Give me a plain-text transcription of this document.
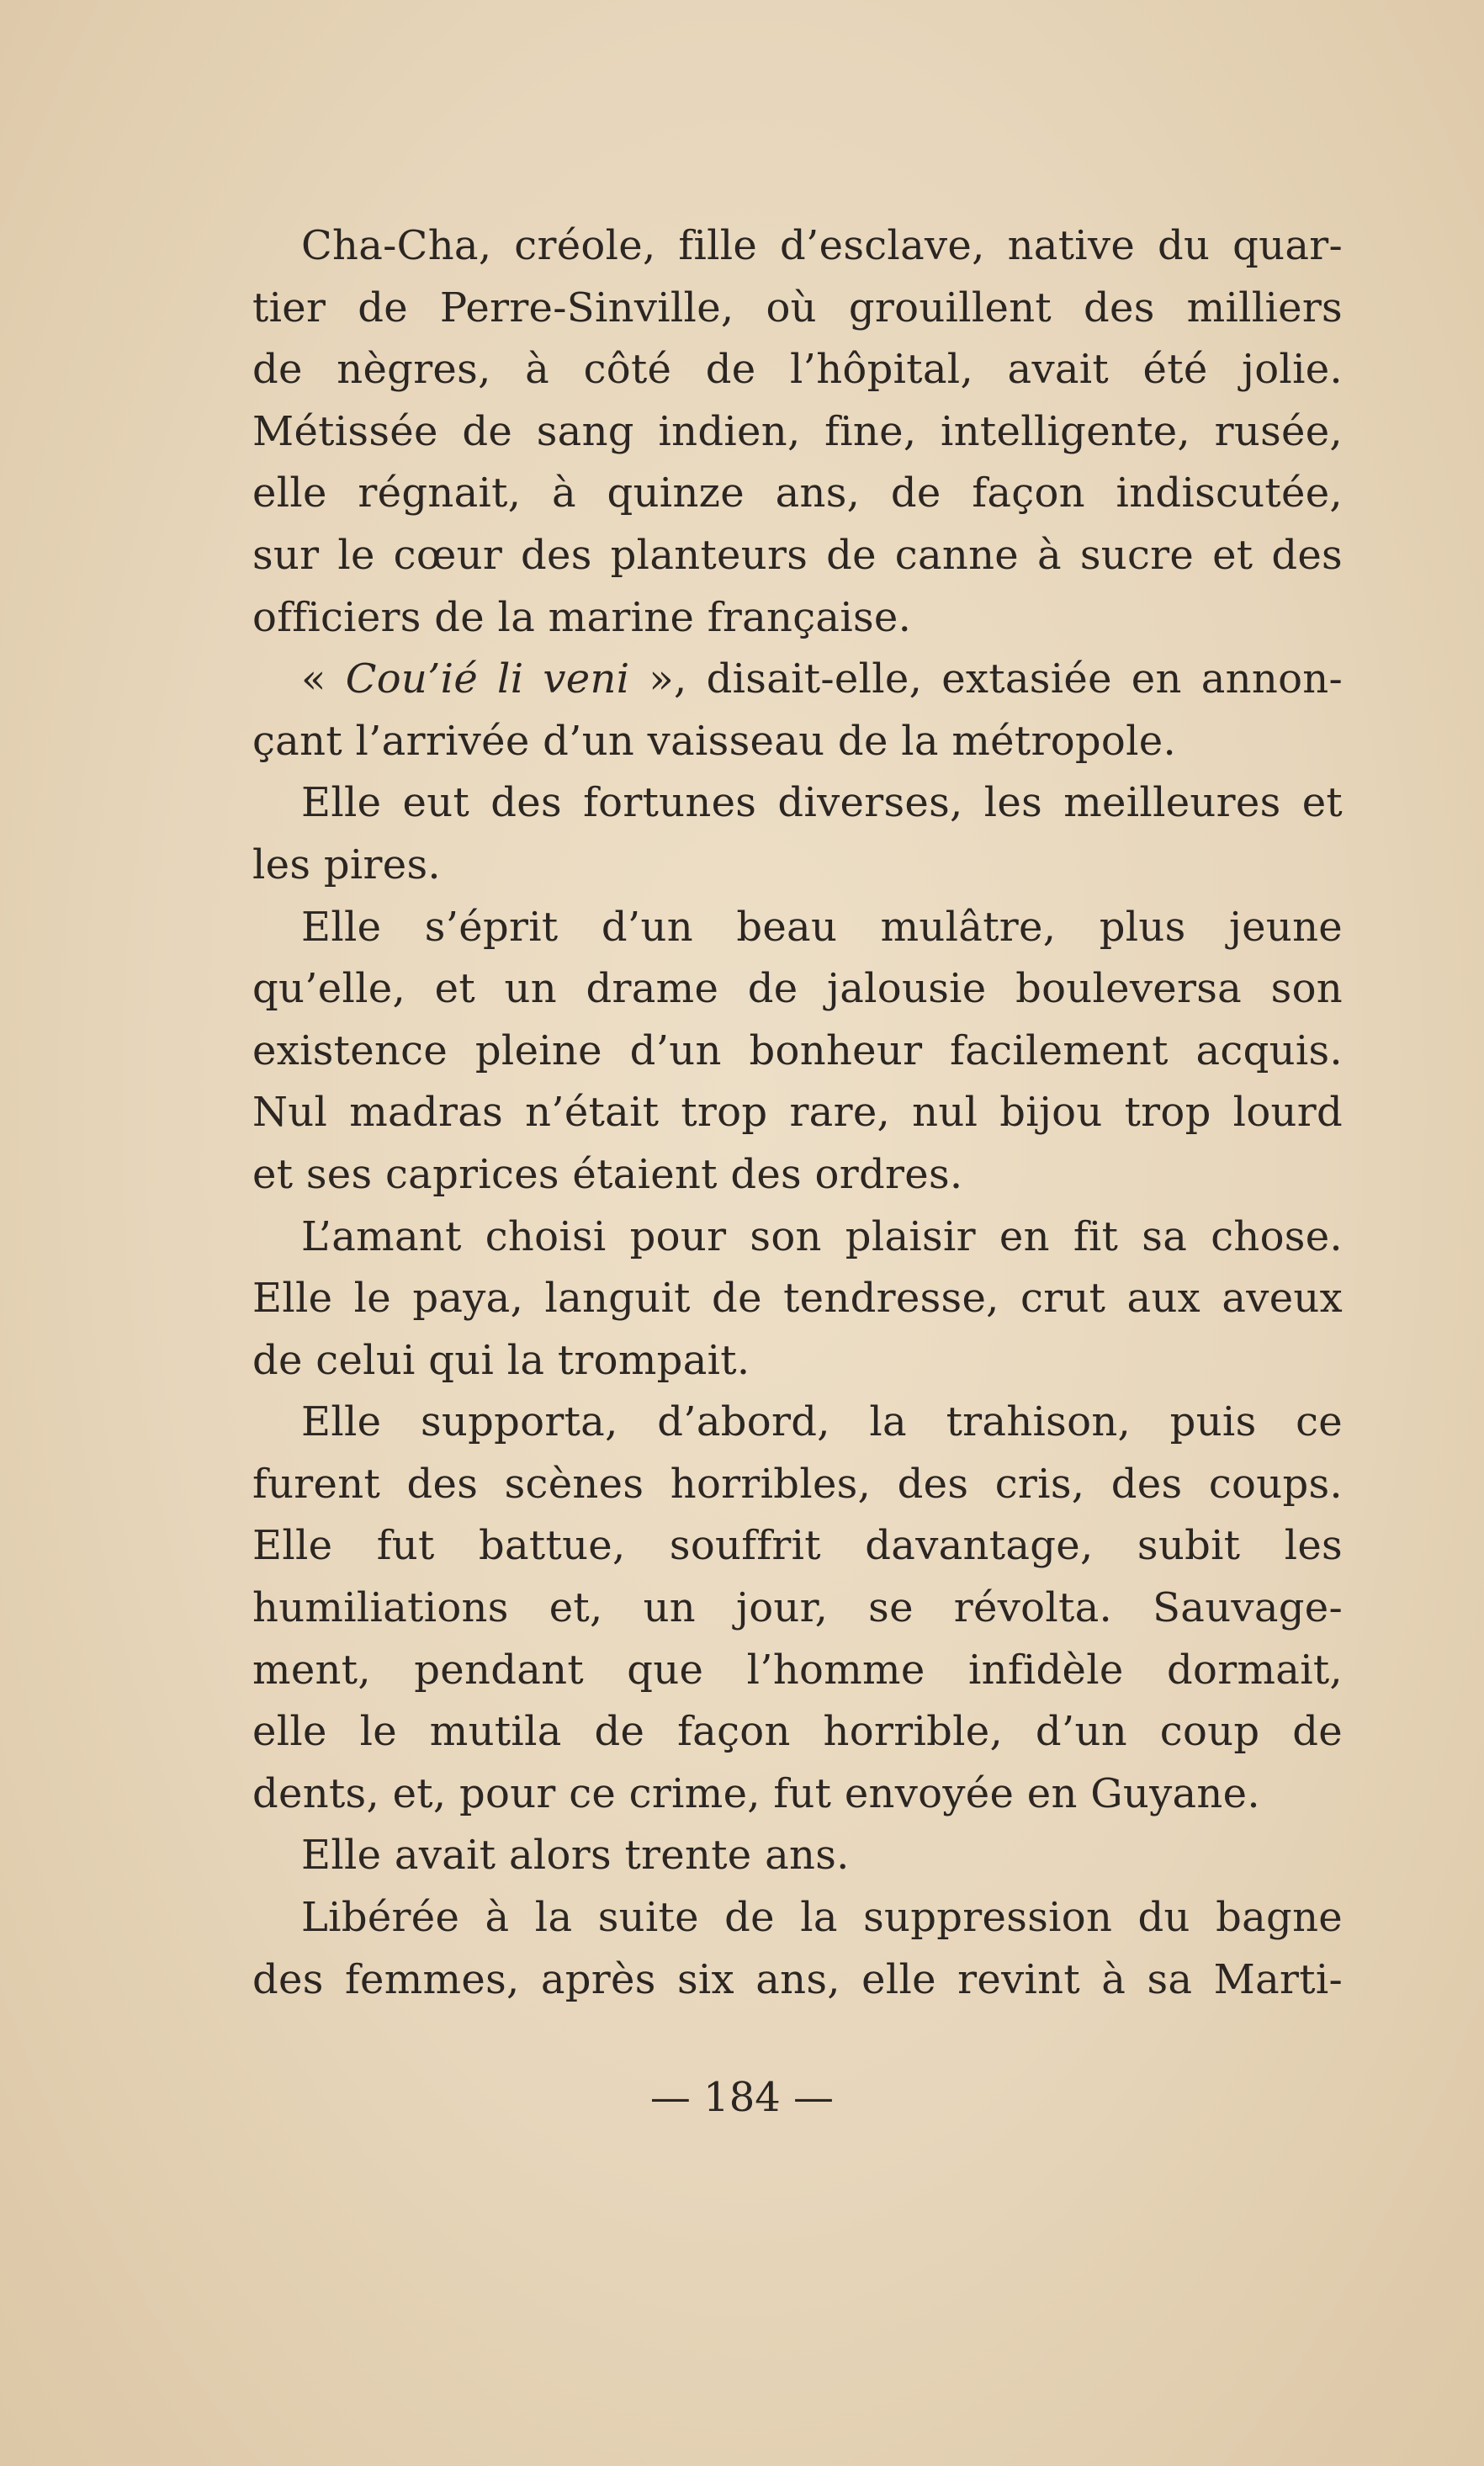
Cha-Cha, créole, fille d’esclave, native du quar-
tier de Perre-Sinville, où grouillent des milliers
de nègres, à côté de l’hôpital, avait été jolie.
Métissée de sang indien, fine, intelligente, rusée,
elle régnait, à quinze ans, de façon indiscutée,
sur le cœur des planteurs de canne à sucre et des
officiers de la marine française.
« Cou’ié li veni », disait-elle, extasiée en annon-
çant l’arrivée d’un vaisseau de la métropole.
Elle eut des fortunes diverses, les meilleures et
les pires.
Elle s’éprit d’un beau mulâtre, plus jeune
qu’elle, et un drame de jalousie bouleversa son
existence pleine d’un bonheur facilement acquis.
Nul madras n’était trop rare, nul bijou trop lourd
et ses caprices étaient des ordres.
L’amant choisi pour son plaisir en fit sa chose.
Elle le paya, languit de tendresse, crut aux aveux
de celui qui la trompait.
Elle supporta, d’abord, la trahison, puis ce
furent des scènes horribles, des cris, des coups.
Elle fut battue, souffrit davantage, subit les
humiliations et, un jour, se révolta. Sauvage-
ment, pendant que l’homme infidèle dormait,
elle le mutila de façon horrible, d’un coup de
dents, et, pour ce crime, fut envoyée en Guyane.
Elle avait alors trente ans.
Libérée à la suite de la suppression du bagne
des femmes, après six ans, elle revint à sa Marti-
— 184 —
